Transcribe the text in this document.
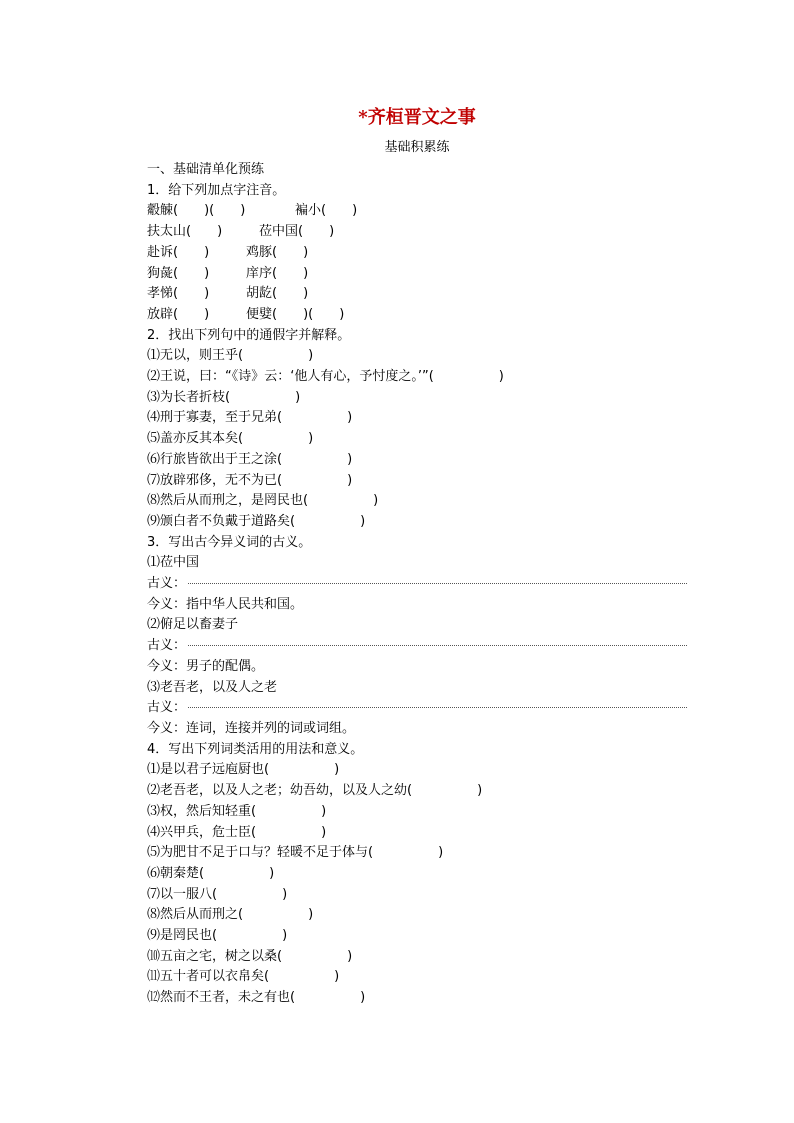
*齐桓晋文之事
基础积累练
一、基础清单化预练
1．给下列加点字注音。
觳觫(　　)(　　)	褊小(　　)
扶太山(　　)	莅中国(　　)
赴诉(　　)	鸡豚(　　)
狗彘(　　)	庠序(　　)
孝悌(　　)	胡龁(　　)
放辟(　　)	便嬖(　　)(　　)
2．找出下列句中的通假字并解释。
⑴无以，则王乎(　　　　　)
⑵王说，曰：“《诗》云：‘他人有心，予忖度之。’”(　　　　　)
⑶为长者折枝(　　　　　)
⑷刑于寡妻，至于兄弟(　　　　　)
⑸盖亦反其本矣(　　　　　)
⑹行旅皆欲出于王之涂(　　　　　)
⑺放辟邪侈，无不为已(　　　　　)
⑻然后从而刑之，是罔民也(　　　　　)
⑼颁白者不负戴于道路矣(　　　　　)
3．写出古今异义词的古义。
⑴莅中国
古义：
今义：指中华人民共和国。
⑵俯足以畜妻子
古义：
今义：男子的配偶。
⑶老吾老，以及人之老
古义：
今义：连词，连接并列的词或词组。
4．写出下列词类活用的用法和意义。
⑴是以君子远庖厨也(　　　　　)
⑵老吾老，以及人之老；幼吾幼，以及人之幼(　　　　　)
⑶权，然后知轻重(　　　　　)
⑷兴甲兵，危士臣(　　　　　)
⑸为肥甘不足于口与？轻暖不足于体与(　　　　　)
⑹朝秦楚(　　　　　)
⑺以一服八(　　　　　)
⑻然后从而刑之(　　　　　)
⑼是罔民也(　　　　　)
⑽五亩之宅，树之以桑(　　　　　)
⑾五十者可以衣帛矣(　　　　　)
⑿然而不王者，未之有也(　　　　　)
